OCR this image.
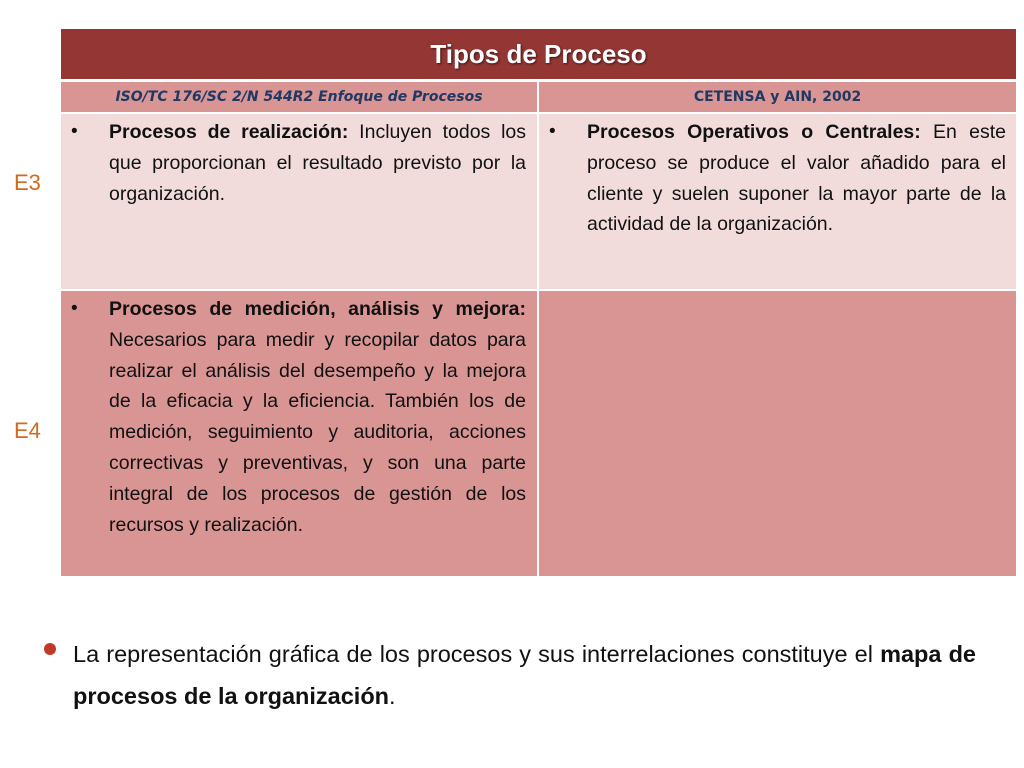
E3
E4
Tipos de Proceso	
ISO/TC 176/SC 2/N 544R2 Enfoque de Procesos	CETENSA y AIN, 2002

• Procesos de realización: Incluyen todos los que proporcionan el resultado previsto por la organización.	• Procesos Operativos o Centrales: En este proceso se produce el valor añadido para el cliente y suelen suponer la mayor parte de la actividad de la organización.

• Procesos de medición, análisis y mejora: Necesarios para medir y recopilar datos para realizar el análisis del desempeño y la mejora de la eficacia y la eficiencia. También los de medición, seguimiento y auditoria, acciones correctivas y preventivas, y son una parte integral de los procesos de gestión de los recursos y realización.	

La representación gráfica de los procesos y sus interrelaciones constituye el mapa de procesos de la organización.
